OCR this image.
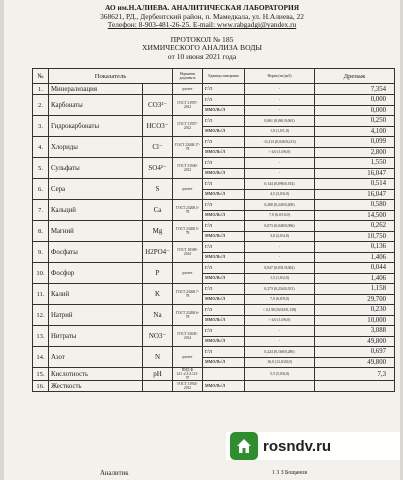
АО им.Н.АЛИЕВА. АНАЛИТИЧЕСКАЯ ЛАБОРАТОРИЯ
368621, РД., Дербентский район, п. Мамедкала, ул. Н.Алиева, 22
Телефон: 8-903-481-26-25. E-mail: www.rabgadgi@yandex.ru
ПРОТОКОЛ № 185
ХИМИЧЕСКОГО АНАЛИЗА ВОДЫ
от 10 июня 2021 года
№	Показатель		Норматив документа	Единица измерения	Норма (мг/дм3)	Дренаж
1.	Минерализация		расчет	г/л	-	7,354
2.	Карбонаты	CO3²⁻	ГОСТ 31957-2012	г/л	-	0,000
				ммоль/л	-	0,000
3.	Гидрокарбонаты	HCO3⁻	ГОСТ 31957-2012	г/л	0,061 (0,061/0,061)	0,250
				ммоль/л	1,0 (1,0/1,0)	4,100
4.	Хлориды	Cl⁻	ГОСТ 23268.17-78	г/л	<0,213 (0,026/0,213)	0,099
				ммоль/л	< 6,0 (1,0/6,0)	2,800
5.	Сульфаты	SO4²⁻	ГОСТ 31940-2012	г/л	-	1,550
				ммоль/л	-	16,047
6.	Сера	S	расчет	г/л	0,144 (0,096/0,192)	0,514
				ммоль/л	4,5 (3,0/6,0)	16,047
7.	Кальций	Ca	ГОСТ 23268.5-78	г/л	0,280 (0,240/0,400)	0,580
				ммоль/л	7,0 (6,0/10,0)	14,500
8.	Магний	Mg	ГОСТ 23268.5-78	г/л	0,073 (0,048/0,096)	0,262
				ммоль/л	3,0 (2,0/4,0)	10,750
9.	Фосфаты	H2PO4⁻	ГОСТ 18309-2014	г/л	-	0,136
				ммоль/л	-	1,406
10.	Фосфор	P	расчет	г/л	0,047 (0,031/0,062)	0,044
				ммоль/л	1,5 (1,0/2,0)	1,406
11.	Калий	K	ГОСТ 23268.7-78	г/л	0,273 (0,234/0,351)	1,158
				ммоль/л	7,0 (6,0/9,0)	29,700
12.	Натрий	Na	ГОСТ 23268.6-78	г/л	< 0,138 (0,023/0,138)	0,230
				ммоль/л	< 6,0 (1,0/6,0)	10,000
13.	Нитраты	NO3⁻	ГОСТ 33045-2014	г/л	-	3,088
				ммоль/л	-	49,800
14.	Азот	N	расчет	г/л	0,224 (0,168/0,280)	0,697
				ммоль/л	16,0 (12,0/20,0)	49,800
15.	Кислотность	pH	ПНД Ф 14.1:2:3:4.121-97		5,5 (5,0/6,0)	7,3
16.	Жесткость		ГОСТ 31954-2012	ммоль/л		
Аналитик	1 3 З Бощанов
rosndv.ru
